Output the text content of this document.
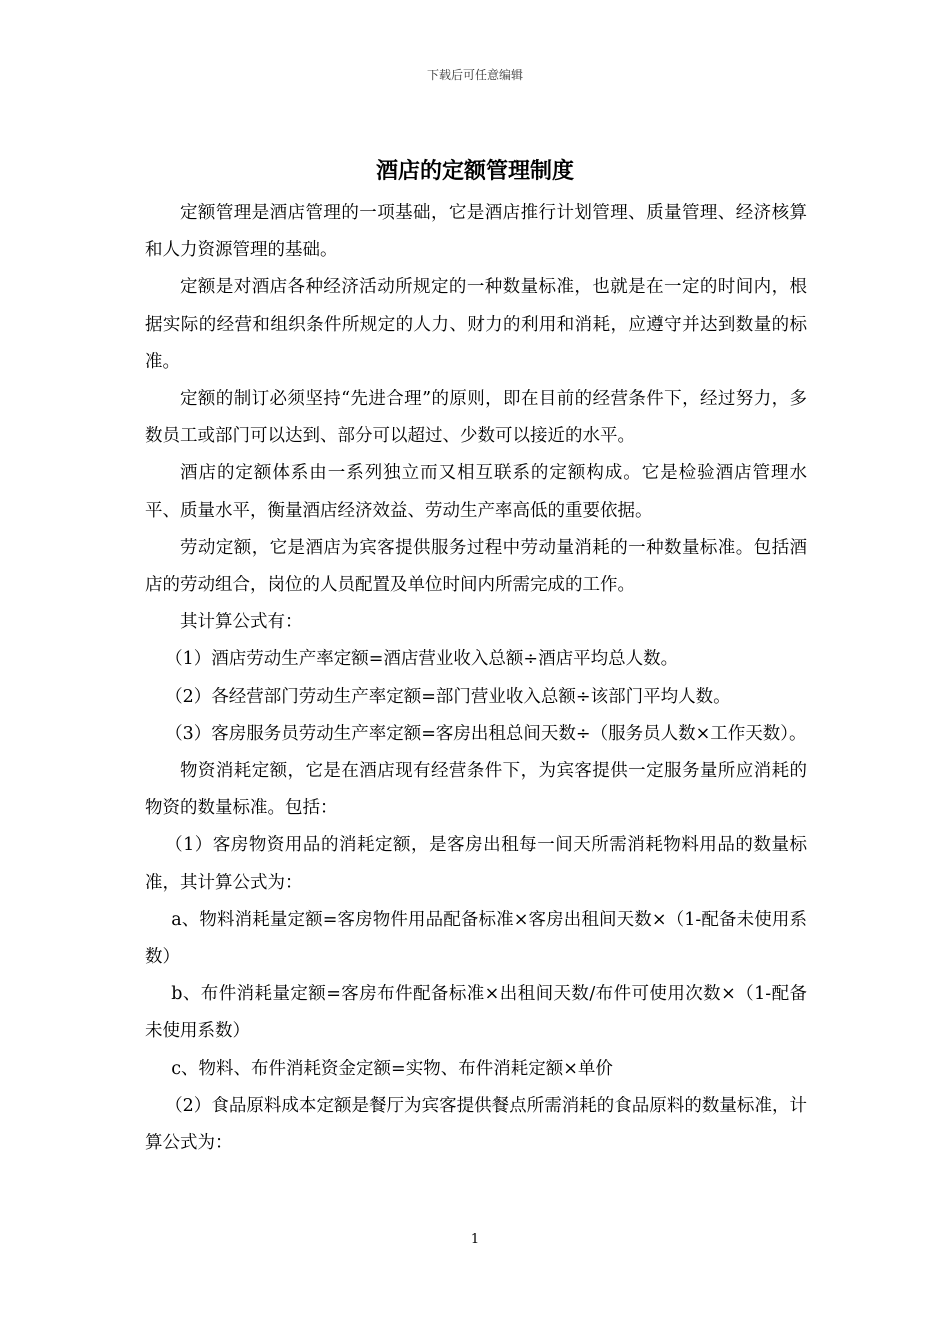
下载后可任意编辑
酒店的定额管理制度

定额管理是酒店管理的一项基础，它是酒店推行计划管理、质量管理、经济核算和人力资源管理的基础。

定额是对酒店各种经济活动所规定的一种数量标准，也就是在一定的时间内，根据实际的经营和组织条件所规定的人力、财力的利用和消耗，应遵守并达到数量的标准。

定额的制订必须坚持“先进合理”的原则，即在目前的经营条件下，经过努力，多数员工或部门可以达到、部分可以超过、少数可以接近的水平。

酒店的定额体系由一系列独立而又相互联系的定额构成。它是检验酒店管理水平、质量水平，衡量酒店经济效益、劳动生产率高低的重要依据。

劳动定额，它是酒店为宾客提供服务过程中劳动量消耗的一种数量标准。包括酒店的劳动组合，岗位的人员配置及单位时间内所需完成的工作。

其计算公式有：

（1）酒店劳动生产率定额=酒店营业收入总额÷酒店平均总人数。

（2）各经营部门劳动生产率定额=部门营业收入总额÷该部门平均人数。

（3）客房服务员劳动生产率定额=客房出租总间天数÷（服务员人数×工作天数）。

物资消耗定额，它是在酒店现有经营条件下，为宾客提供一定服务量所应消耗的物资的数量标准。包括：

（1）客房物资用品的消耗定额，是客房出租每一间天所需消耗物料用品的数量标准，其计算公式为：

a、物料消耗量定额=客房物件用品配备标准×客房出租间天数×（1-配备未使用系数）

b、布件消耗量定额=客房布件配备标准×出租间天数/布件可使用次数×（1-配备未使用系数）

c、物料、布件消耗资金定额=实物、布件消耗定额×单价

（2）食品原料成本定额是餐厅为宾客提供餐点所需消耗的食品原料的数量标准，计算公式为：

1
